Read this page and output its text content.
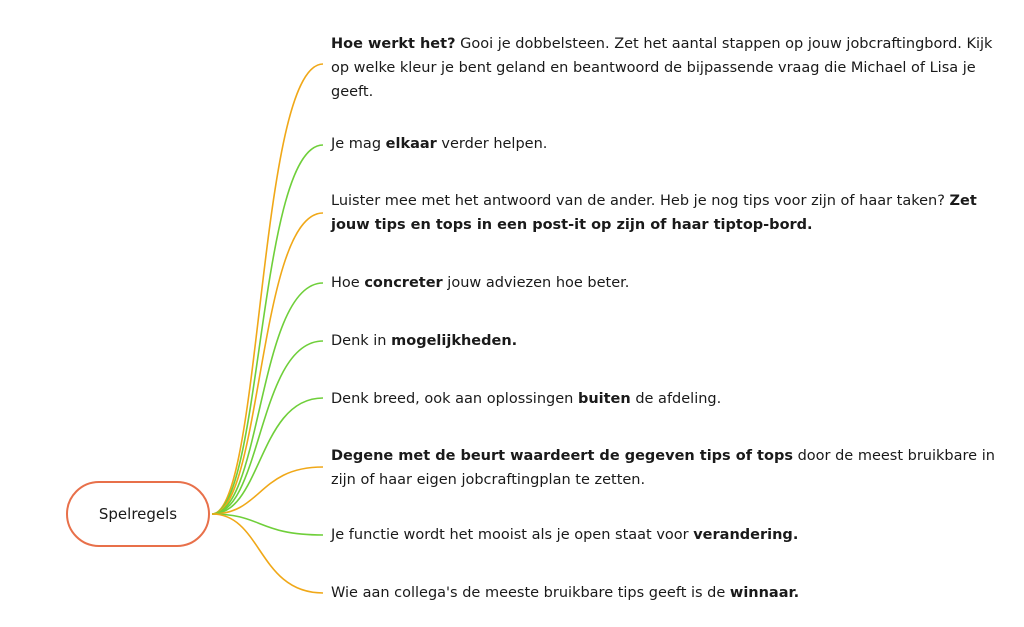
Spelregels

Hoe werkt het? Gooi je dobbelsteen. Zet het aantal stappen op jouw jobcraftingbord. Kijk op welke kleur je bent geland en beantwoord de bijpassende vraag die Michael of Lisa je geeft.

Je mag elkaar verder helpen.

Luister mee met het antwoord van de ander. Heb je nog tips voor zijn of haar taken? Zet jouw tips en tops in een post-it op zijn of haar tiptop-bord.

Hoe concreter jouw adviezen hoe beter.

Denk in mogelijkheden.

Denk breed, ook aan oplossingen buiten de afdeling.

Degene met de beurt waardeert de gegeven tips of tops door de meest bruikbare in zijn of haar eigen jobcraftingplan te zetten.

Je functie wordt het mooist als je open staat voor verandering.

Wie aan collega's de meeste bruikbare tips geeft is de winnaar.
